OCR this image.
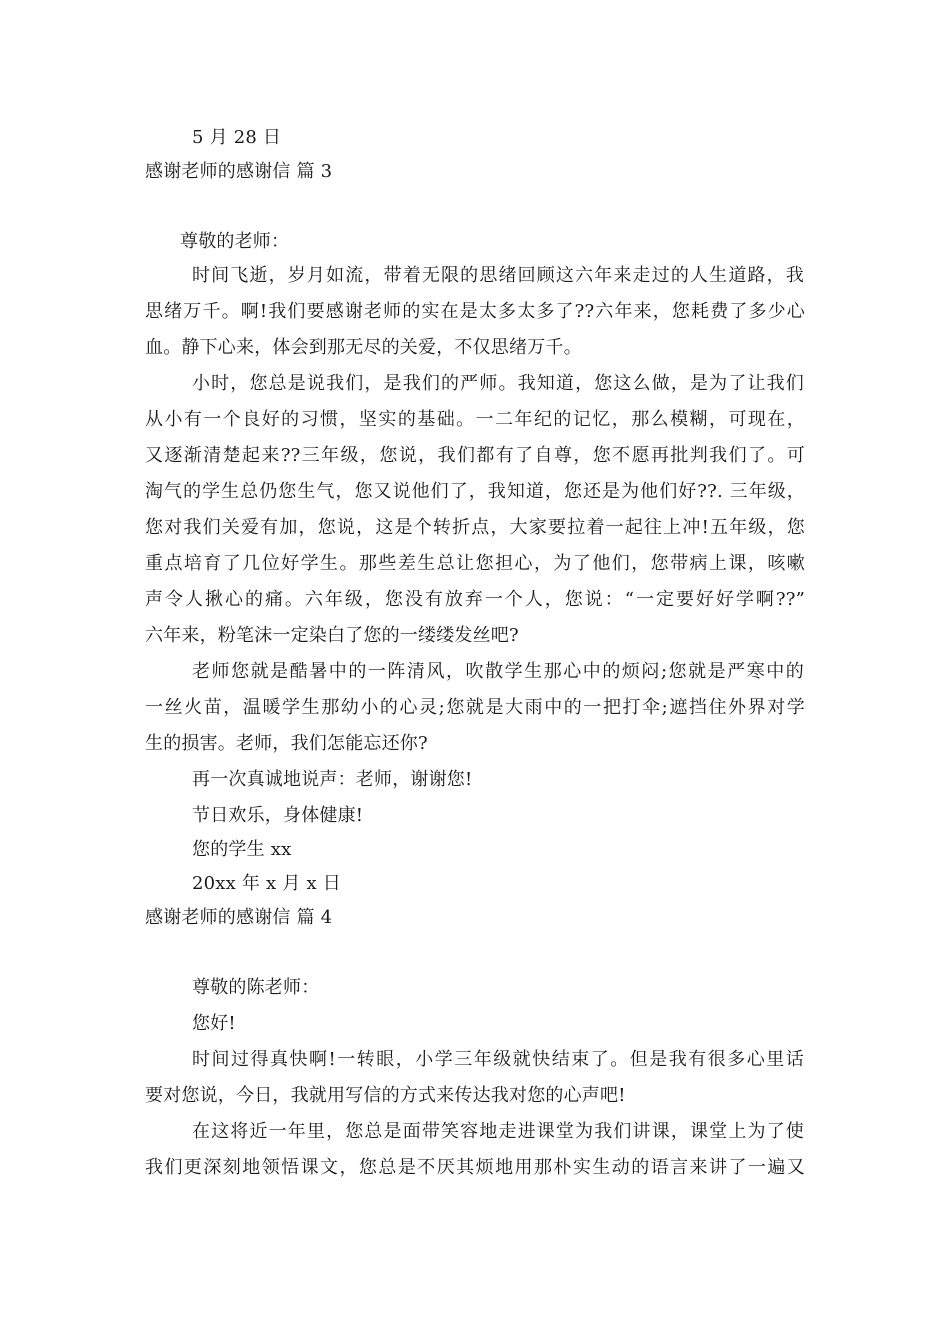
5 月 28 日
感谢老师的感谢信 篇 3
尊敬的老师：
时间飞逝，岁月如流，带着无限的思绪回顾这六年来走过的人生道路，我
思绪万千。啊!我们要感谢老师的实在是太多太多了??六年来，您耗费了多少心
血。静下心来，体会到那无尽的关爱，不仅思绪万千。
小时，您总是说我们，是我们的严师。我知道，您这么做，是为了让我们
从小有一个良好的习惯，坚实的基础。一二年纪的记忆，那么模糊，可现在，
又逐渐清楚起来??三年级，您说，我们都有了自尊，您不愿再批判我们了。可
淘气的学生总仍您生气，您又说他们了，我知道，您还是为他们好??. 三年级，
您对我们关爱有加，您说，这是个转折点，大家要拉着一起往上冲!五年级，您
重点培育了几位好学生。那些差生总让您担心，为了他们，您带病上课，咳嗽
声令人揪心的痛。六年级，您没有放弃一个人，您说：“一定要好好学啊??”
六年来，粉笔沫一定染白了您的一缕缕发丝吧?
老师您就是酷暑中的一阵清风，吹散学生那心中的烦闷;您就是严寒中的
一丝火苗，温暖学生那幼小的心灵;您就是大雨中的一把打伞;遮挡住外界对学
生的损害。老师，我们怎能忘还你?
再一次真诚地说声：老师，谢谢您!
节日欢乐，身体健康!
您的学生 xx
20xx 年 x 月 x 日
感谢老师的感谢信 篇 4
尊敬的陈老师：
您好!
时间过得真快啊!一转眼，小学三年级就快结束了。但是我有很多心里话
要对您说，今日，我就用写信的方式来传达我对您的心声吧!
在这将近一年里，您总是面带笑容地走进课堂为我们讲课，课堂上为了使
我们更深刻地领悟课文，您总是不厌其烦地用那朴实生动的语言来讲了一遍又
